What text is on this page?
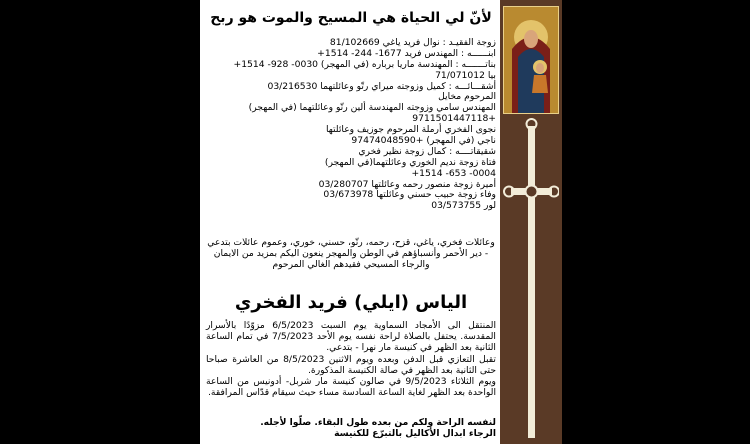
لأنّ لي الحياة هي المسيح والموت هو ربح
زوجة الفقيـد : نوال فريد ياغي 81/102669
ابنــــــه : المهندس فريد 1677- 244- 1514+
بناتـــــــه : المهندسة ماريا برباره (في المهجر) 0030- 928- 1514+
بيا 71/071012
أشقـــائـــه : كميل وزوجته ميراي رتّو وعائلتهما 03/216530
المرحوم مخايل
المهندس سامي وزوجته المهندسة ألين رتّو وعائلتهما (في المهجر)
+9711501447118
نجوى الفخري أرملة المرحوم جوزيف وعائلتها
ناجي (في المهجر) +97474048590
شقيقاتــــه : كمال زوجة نظير فخري
فتاة زوجة نديم الخوري وعائلتهما(في المهجر)
0004- 653- 1514+
أميرة زوجة منصور رحمه وعائلتها 03/280707
وفاء زوجة حبيب حسني وعائلتها 03/673978
لور 03/573755
وعائلات فخري، ياغي، قزح، رحمه، رتّو، حسني، خوري، وعموم عائلات بتدعي - دير الأحمر وأنسباؤهم في الوطن والمهجر ينعون اليكم بمزيد من الايمان والرجاء المسيحي فقيدهم الغالي المرحوم
الياس (ايلي) فريد الفخري
المنتقل الى الأمجاد السماوية يوم السبت 6/5/2023 مزوّدًا بالأسرار المقدسة. يحتفل بالصلاة لراحة نفسه يوم الأحد 7/5/2023 في تمام الساعة الثانية بعد الظهر في كنيسة مار نهرا - بتدعي.
تقبل التعازي قبل الدفن وبعده ويوم الاثنين 8/5/2023 من العاشرة صباحا حتى الثانية بعد الظهر في صالة الكنيسة المذكورة.
ويوم الثلاثاء 9/5/2023 في صالون كنيسة مار شربل- أدونيس من الساعة الواحدة بعد الظهر لغاية الساعة السادسة مساء حيث سيقام قدّاس المرافقة.
لنفسه الراحة ولكم من بعده طول البقاء. صلّوا لأجله.
الرجاء ابدال الأكاليل بالتبرّع للكنيسة
